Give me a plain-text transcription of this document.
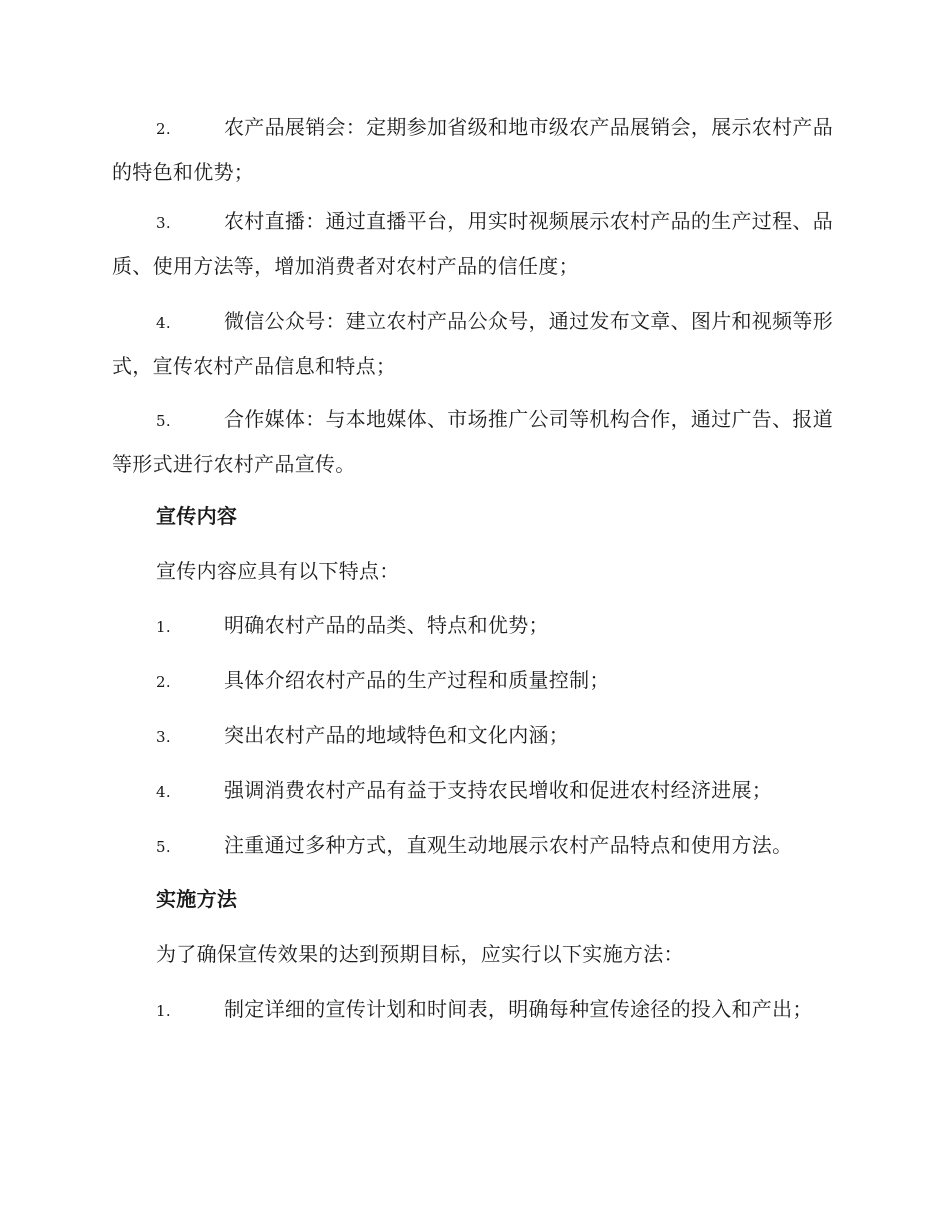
2.	农产品展销会：定期参加省级和地市级农产品展销会，展示农村产品的特色和优势；

3.	农村直播：通过直播平台，用实时视频展示农村产品的生产过程、品质、使用方法等，增加消费者对农村产品的信任度；

4.	微信公众号：建立农村产品公众号，通过发布文章、图片和视频等形式，宣传农村产品信息和特点；

5.	合作媒体：与本地媒体、市场推广公司等机构合作，通过广告、报道等形式进行农村产品宣传。

宣传内容

宣传内容应具有以下特点：

1.	明确农村产品的品类、特点和优势；

2.	具体介绍农村产品的生产过程和质量控制；

3.	突出农村产品的地域特色和文化内涵；

4.	强调消费农村产品有益于支持农民增收和促进农村经济进展；

5.	注重通过多种方式，直观生动地展示农村产品特点和使用方法。

实施方法

为了确保宣传效果的达到预期目标，应实行以下实施方法：

1.	制定详细的宣传计划和时间表，明确每种宣传途径的投入和产出；
